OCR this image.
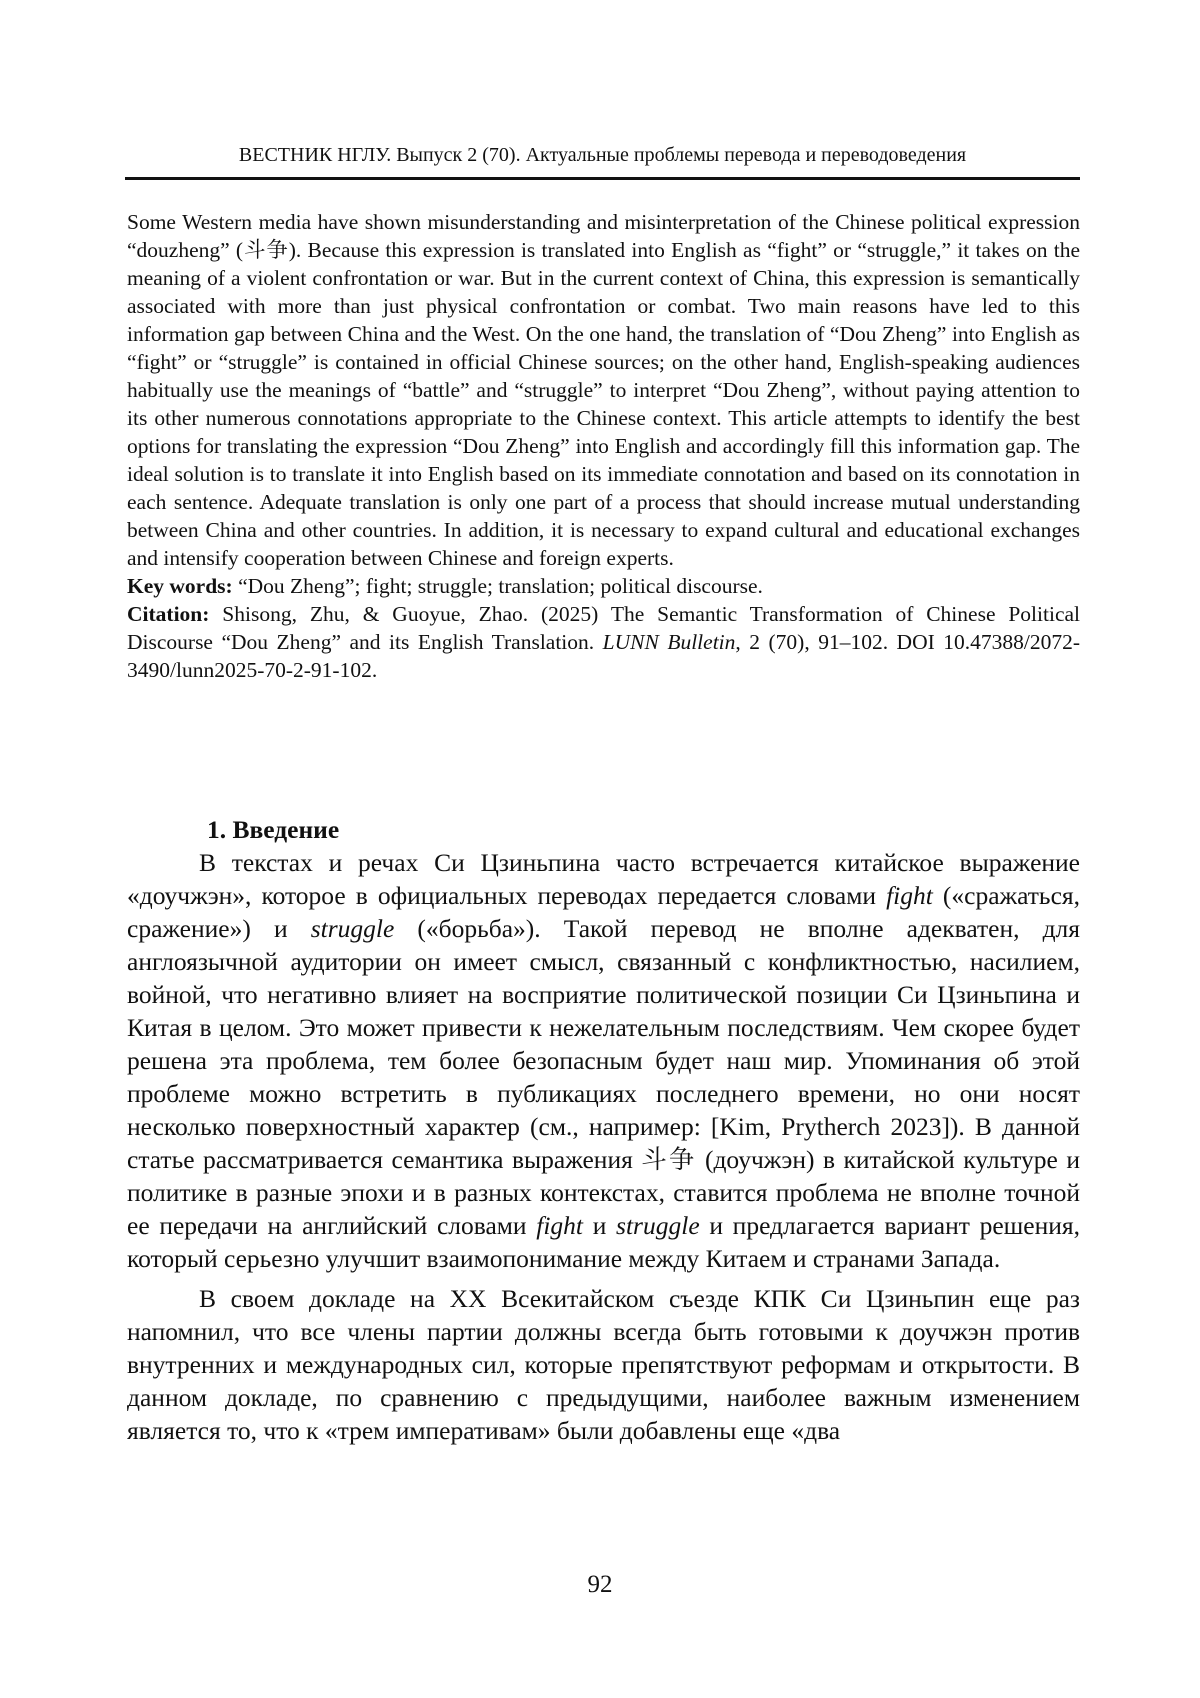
ВЕСТНИК НГЛУ. Выпуск 2 (70). Актуальные проблемы перевода и переводоведения

Some Western media have shown misunderstanding and misinterpretation of the Chinese political expression “douzheng” (斗争). Because this expression is translated into English as “fight” or “struggle,” it takes on the meaning of a violent confrontation or war. But in the current context of China, this expression is semantically associated with more than just physical confrontation or combat. Two main reasons have led to this information gap between China and the West. On the one hand, the translation of “Dou Zheng” into English as “fight” or “struggle” is contained in official Chinese sources; on the other hand, English-speaking audiences habitually use the meanings of “battle” and “struggle” to interpret “Dou Zheng”, without paying attention to its other numerous connotations appropriate to the Chinese context. This article attempts to identify the best options for translating the expression “Dou Zheng” into English and accordingly fill this information gap. The ideal solution is to translate it into English based on its immediate connotation and based on its connotation in each sentence. Adequate translation is only one part of a process that should increase mutual understanding between China and other countries. In addition, it is necessary to expand cultural and educational exchanges and intensify cooperation between Chinese and foreign experts.

Key words: “Dou Zheng”; fight; struggle; translation; political discourse.

Citation: Shisong, Zhu, & Guoyue, Zhao. (2025) The Semantic Transformation of Chinese Political Discourse “Dou Zheng” and its English Translation. LUNN Bulletin, 2 (70), 91–102. DOI 10.47388/2072-3490/lunn2025-70-2-91-102.

1. Введение

В текстах и речах Си Цзиньпина часто встречается китайское выражение «доучжэн», которое в официальных переводах передается словами fight («сражаться, сражение») и struggle («борьба»). Такой перевод не вполне адекватен, для англоязычной аудитории он имеет смысл, связанный с конфликтностью, насилием, войной, что негативно влияет на восприятие политической позиции Си Цзиньпина и Китая в целом. Это может привести к нежелательным последствиям. Чем скорее будет решена эта проблема, тем более безопасным будет наш мир. Упоминания об этой проблеме можно встретить в публикациях последнего времени, но они носят несколько поверхностный характер (см., например: [Kim, Prytherch 2023]). В данной статье рассматривается семантика выражения 斗争 (доучжэн) в китайской культуре и политике в разные эпохи и в разных контекстах, ставится проблема не вполне точной ее передачи на английский словами fight и struggle и предлагается вариант решения, который серьезно улучшит взаимопонимание между Китаем и странами Запада.

В своем докладе на XX Всекитайском съезде КПК Си Цзиньпин еще раз напомнил, что все члены партии должны всегда быть готовыми к доучжэн против внутренних и международных сил, которые препятствуют реформам и открытости. В данном докладе, по сравнению с предыдущими, наиболее важным изменением является то, что к «трем императивам» были добавлены еще «два

92
